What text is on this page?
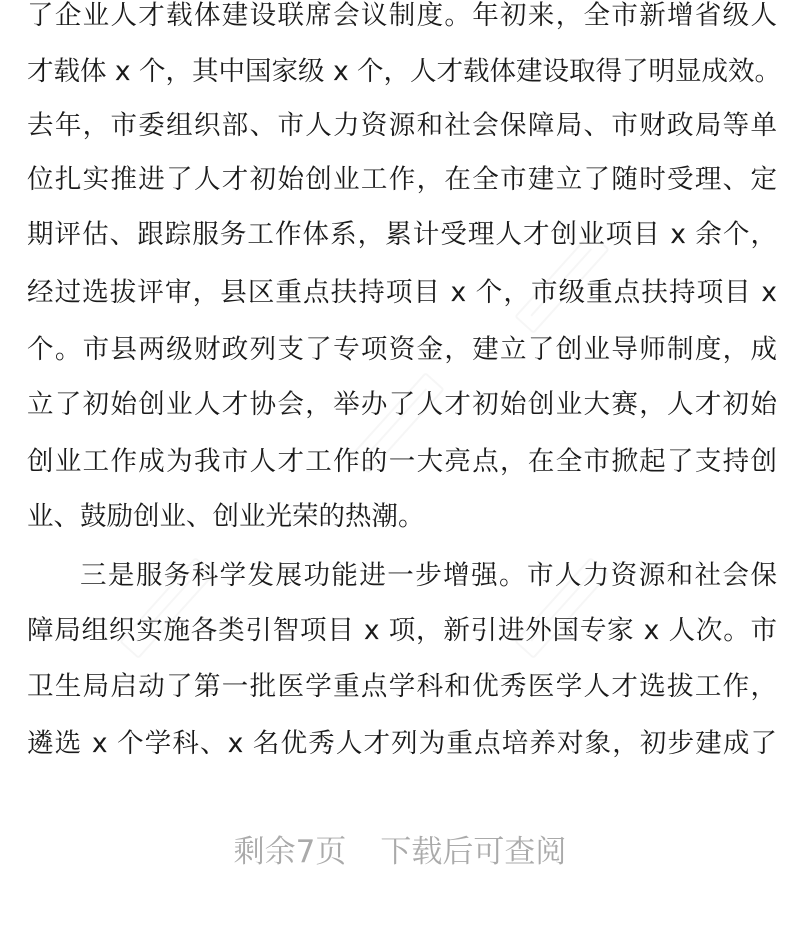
了企业人才载体建设联席会议制度。年初来，全市新增省级人
才载体 x 个，其中国家级 x 个，人才载体建设取得了明显成效。
去年，市委组织部、市人力资源和社会保障局、市财政局等单
位扎实推进了人才初始创业工作，在全市建立了随时受理、定
期评估、跟踪服务工作体系，累计受理人才创业项目 x 余个，
经过选拔评审，县区重点扶持项目 x 个，市级重点扶持项目 x
个。市县两级财政列支了专项资金，建立了创业导师制度，成
立了初始创业人才协会，举办了人才初始创业大赛，人才初始
创业工作成为我市人才工作的一大亮点，在全市掀起了支持创
业、鼓励创业、创业光荣的热潮。
三是服务科学发展功能进一步增强。市人力资源和社会保
障局组织实施各类引智项目 x 项，新引进外国专家 x 人次。市
卫生局启动了第一批医学重点学科和优秀医学人才选拔工作，
遴选 x 个学科、x 名优秀人才列为重点培养对象，初步建成了
剩余7页 下载后可查阅
